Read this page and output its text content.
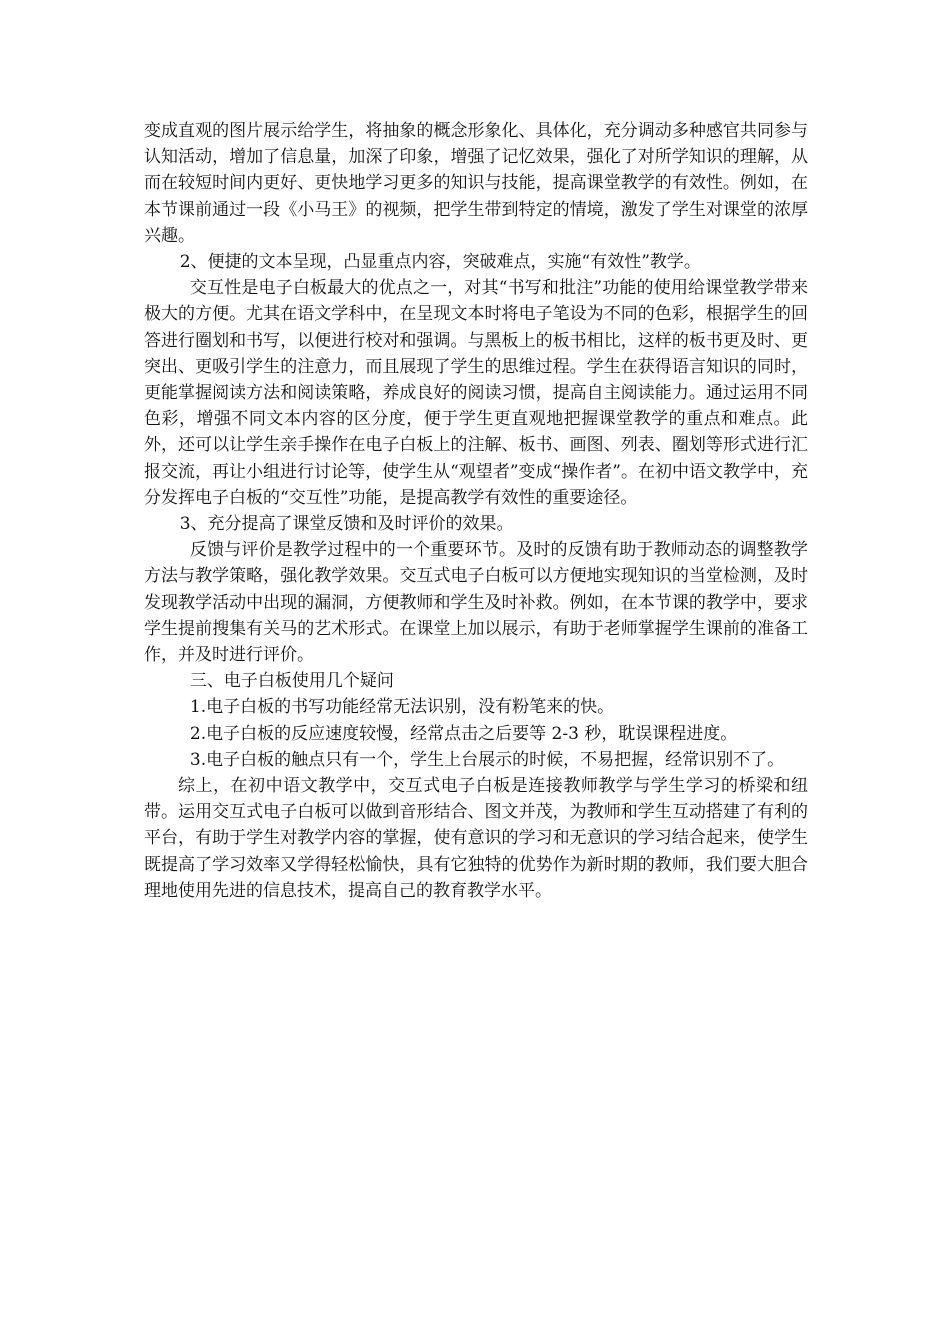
变成直观的图片展示给学生，将抽象的概念形象化、具体化，充分调动多种感官共同参与认知活动，增加了信息量，加深了印象，增强了记忆效果，强化了对所学知识的理解，从而在较短时间内更好、更快地学习更多的知识与技能，提高课堂教学的有效性。例如，在本节课前通过一段《小马王》的视频，把学生带到特定的情境，激发了学生对课堂的浓厚兴趣。

2、便捷的文本呈现，凸显重点内容，突破难点，实施“有效性”教学。

交互性是电子白板最大的优点之一，对其“书写和批注”功能的使用给课堂教学带来极大的方便。尤其在语文学科中，在呈现文本时将电子笔设为不同的色彩，根据学生的回答进行圈划和书写，以便进行校对和强调。与黑板上的板书相比，这样的板书更及时、更突出、更吸引学生的注意力，而且展现了学生的思维过程。学生在获得语言知识的同时，更能掌握阅读方法和阅读策略，养成良好的阅读习惯，提高自主阅读能力。通过运用不同色彩，增强不同文本内容的区分度，便于学生更直观地把握课堂教学的重点和难点。此外，还可以让学生亲手操作在电子白板上的注解、板书、画图、列表、圈划等形式进行汇报交流，再让小组进行讨论等，使学生从“观望者”变成“操作者”。在初中语文教学中，充分发挥电子白板的“交互性”功能，是提高教学有效性的重要途径。

3、充分提高了课堂反馈和及时评价的效果。

反馈与评价是教学过程中的一个重要环节。及时的反馈有助于教师动态的调整教学方法与教学策略，强化教学效果。交互式电子白板可以方便地实现知识的当堂检测，及时发现教学活动中出现的漏洞，方便教师和学生及时补救。例如，在本节课的教学中，要求学生提前搜集有关马的艺术形式。在课堂上加以展示，有助于老师掌握学生课前的准备工作，并及时进行评价。

三、电子白板使用几个疑问

1.电子白板的书写功能经常无法识别，没有粉笔来的快。

2.电子白板的反应速度较慢，经常点击之后要等 2-3 秒，耽误课程进度。

3.电子白板的触点只有一个，学生上台展示的时候，不易把握，经常识别不了。

综上，在初中语文教学中，交互式电子白板是连接教师教学与学生学习的桥梁和纽带。运用交互式电子白板可以做到音形结合、图文并茂，为教师和学生互动搭建了有利的平台，有助于学生对教学内容的掌握，使有意识的学习和无意识的学习结合起来，使学生既提高了学习效率又学得轻松愉快，具有它独特的优势作为新时期的教师，我们要大胆合理地使用先进的信息技术，提高自己的教育教学水平。
